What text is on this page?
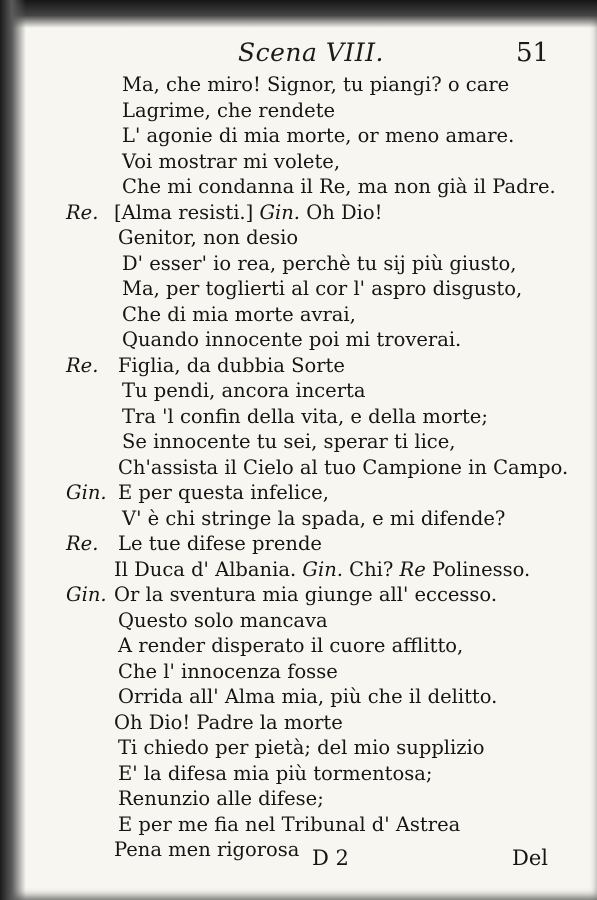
Scena VIII.	51
Ma, che miro! Signor, tu piangi? o care
Lagrime, che rendete
L' agonie di mia morte, or meno amare.
Voi mostrar mi volete,
Che mi condanna il Re, ma non già il Padre.
Re. [Alma resisti.] Gin. Oh Dio!
Genitor, non desio
D' esser' io rea, perchè tu sij più giusto,
Ma, per toglierti al cor l' aspro disgusto,
Che di mia morte avrai,
Quando innocente poi mi troverai.
Re. Figlia, da dubbia Sorte
Tu pendi, ancora incerta
Tra 'l confin della vita, e della morte;
Se innocente tu sei, sperar ti lice,
Ch'assista il Cielo al tuo Campione in Campo.
Gin. E per questa infelice,
V' è chi stringe la spada, e mi difende?
Re. Le tue difese prende
Il Duca d' Albania. Gin. Chi? Re Polinesso.
Gin. Or la sventura mia giunge all' eccesso.
Questo solo mancava
A render disperato il cuore afflitto,
Che l' innocenza fosse
Orrida all' Alma mia, più che il delitto.
Oh Dio! Padre la morte
Ti chiedo per pietà; del mio supplizio
E' la difesa mia più tormentosa;
Renunzio alle difese;
E per me fia nel Tribunal d' Astrea
Pena men rigorosa D 2	Del
